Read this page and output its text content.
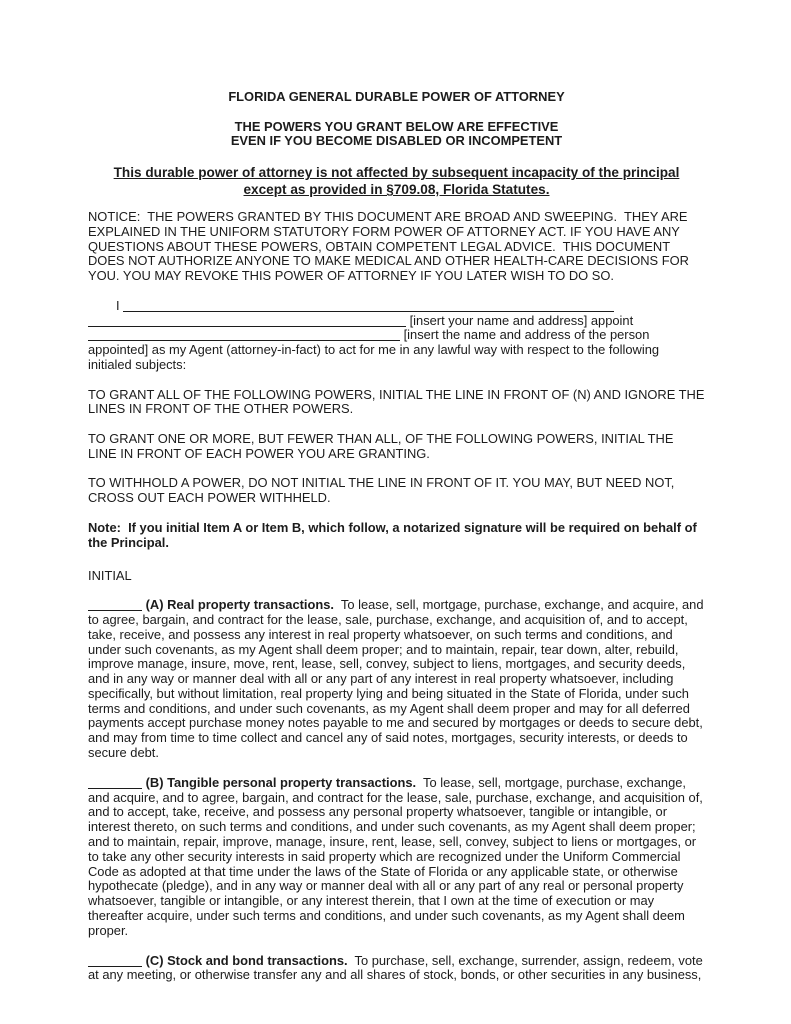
FLORIDA GENERAL DURABLE POWER OF ATTORNEY

THE POWERS YOU GRANT BELOW ARE EFFECTIVE
EVEN IF YOU BECOME DISABLED OR INCOMPETENT

This durable power of attorney is not affected by subsequent incapacity of the principal
except as provided in §709.08, Florida Statutes.

NOTICE:  THE POWERS GRANTED BY THIS DOCUMENT ARE BROAD AND SWEEPING.  THEY ARE EXPLAINED IN THE UNIFORM STATUTORY FORM POWER OF ATTORNEY ACT. IF YOU HAVE ANY QUESTIONS ABOUT THESE POWERS, OBTAIN COMPETENT LEGAL ADVICE.  THIS DOCUMENT DOES NOT AUTHORIZE ANYONE TO MAKE MEDICAL AND OTHER HEALTH-CARE DECISIONS FOR YOU. YOU MAY REVOKE THIS POWER OF ATTORNEY IF YOU LATER WISH TO DO SO.

I
[insert your name and address] appoint
[insert the name and address of the person
appointed] as my Agent (attorney-in-fact) to act for me in any lawful way with respect to the following initialed subjects:

TO GRANT ALL OF THE FOLLOWING POWERS, INITIAL THE LINE IN FRONT OF (N) AND IGNORE THE LINES IN FRONT OF THE OTHER POWERS.

TO GRANT ONE OR MORE, BUT FEWER THAN ALL, OF THE FOLLOWING POWERS, INITIAL THE LINE IN FRONT OF EACH POWER YOU ARE GRANTING.

TO WITHHOLD A POWER, DO NOT INITIAL THE LINE IN FRONT OF IT. YOU MAY, BUT NEED NOT, CROSS OUT EACH POWER WITHHELD.

Note:  If you initial Item A or Item B, which follow, a notarized signature will be required on behalf of the Principal.

INITIAL

(A) Real property transactions.  To lease, sell, mortgage, purchase, exchange, and acquire, and to agree, bargain, and contract for the lease, sale, purchase, exchange, and acquisition of, and to accept, take, receive, and possess any interest in real property whatsoever, on such terms and conditions, and under such covenants, as my Agent shall deem proper; and to maintain, repair, tear down, alter, rebuild, improve manage, insure, move, rent, lease, sell, convey, subject to liens, mortgages, and security deeds, and in any way or manner deal with all or any part of any interest in real property whatsoever, including specifically, but without limitation, real property lying and being situated in the State of Florida, under such terms and conditions, and under such covenants, as my Agent shall deem proper and may for all deferred payments accept purchase money notes payable to me and secured by mortgages or deeds to secure debt, and may from time to time collect and cancel any of said notes, mortgages, security interests, or deeds to secure debt.

(B) Tangible personal property transactions.  To lease, sell, mortgage, purchase, exchange, and acquire, and to agree, bargain, and contract for the lease, sale, purchase, exchange, and acquisition of, and to accept, take, receive, and possess any personal property whatsoever, tangible or intangible, or interest thereto, on such terms and conditions, and under such covenants, as my Agent shall deem proper; and to maintain, repair, improve, manage, insure, rent, lease, sell, convey, subject to liens or mortgages, or to take any other security interests in said property which are recognized under the Uniform Commercial Code as adopted at that time under the laws of the State of Florida or any applicable state, or otherwise hypothecate (pledge), and in any way or manner deal with all or any part of any real or personal property whatsoever, tangible or intangible, or any interest therein, that I own at the time of execution or may thereafter acquire, under such terms and conditions, and under such covenants, as my Agent shall deem proper.

(C) Stock and bond transactions.  To purchase, sell, exchange, surrender, assign, redeem, vote at any meeting, or otherwise transfer any and all shares of stock, bonds, or other securities in any business,
